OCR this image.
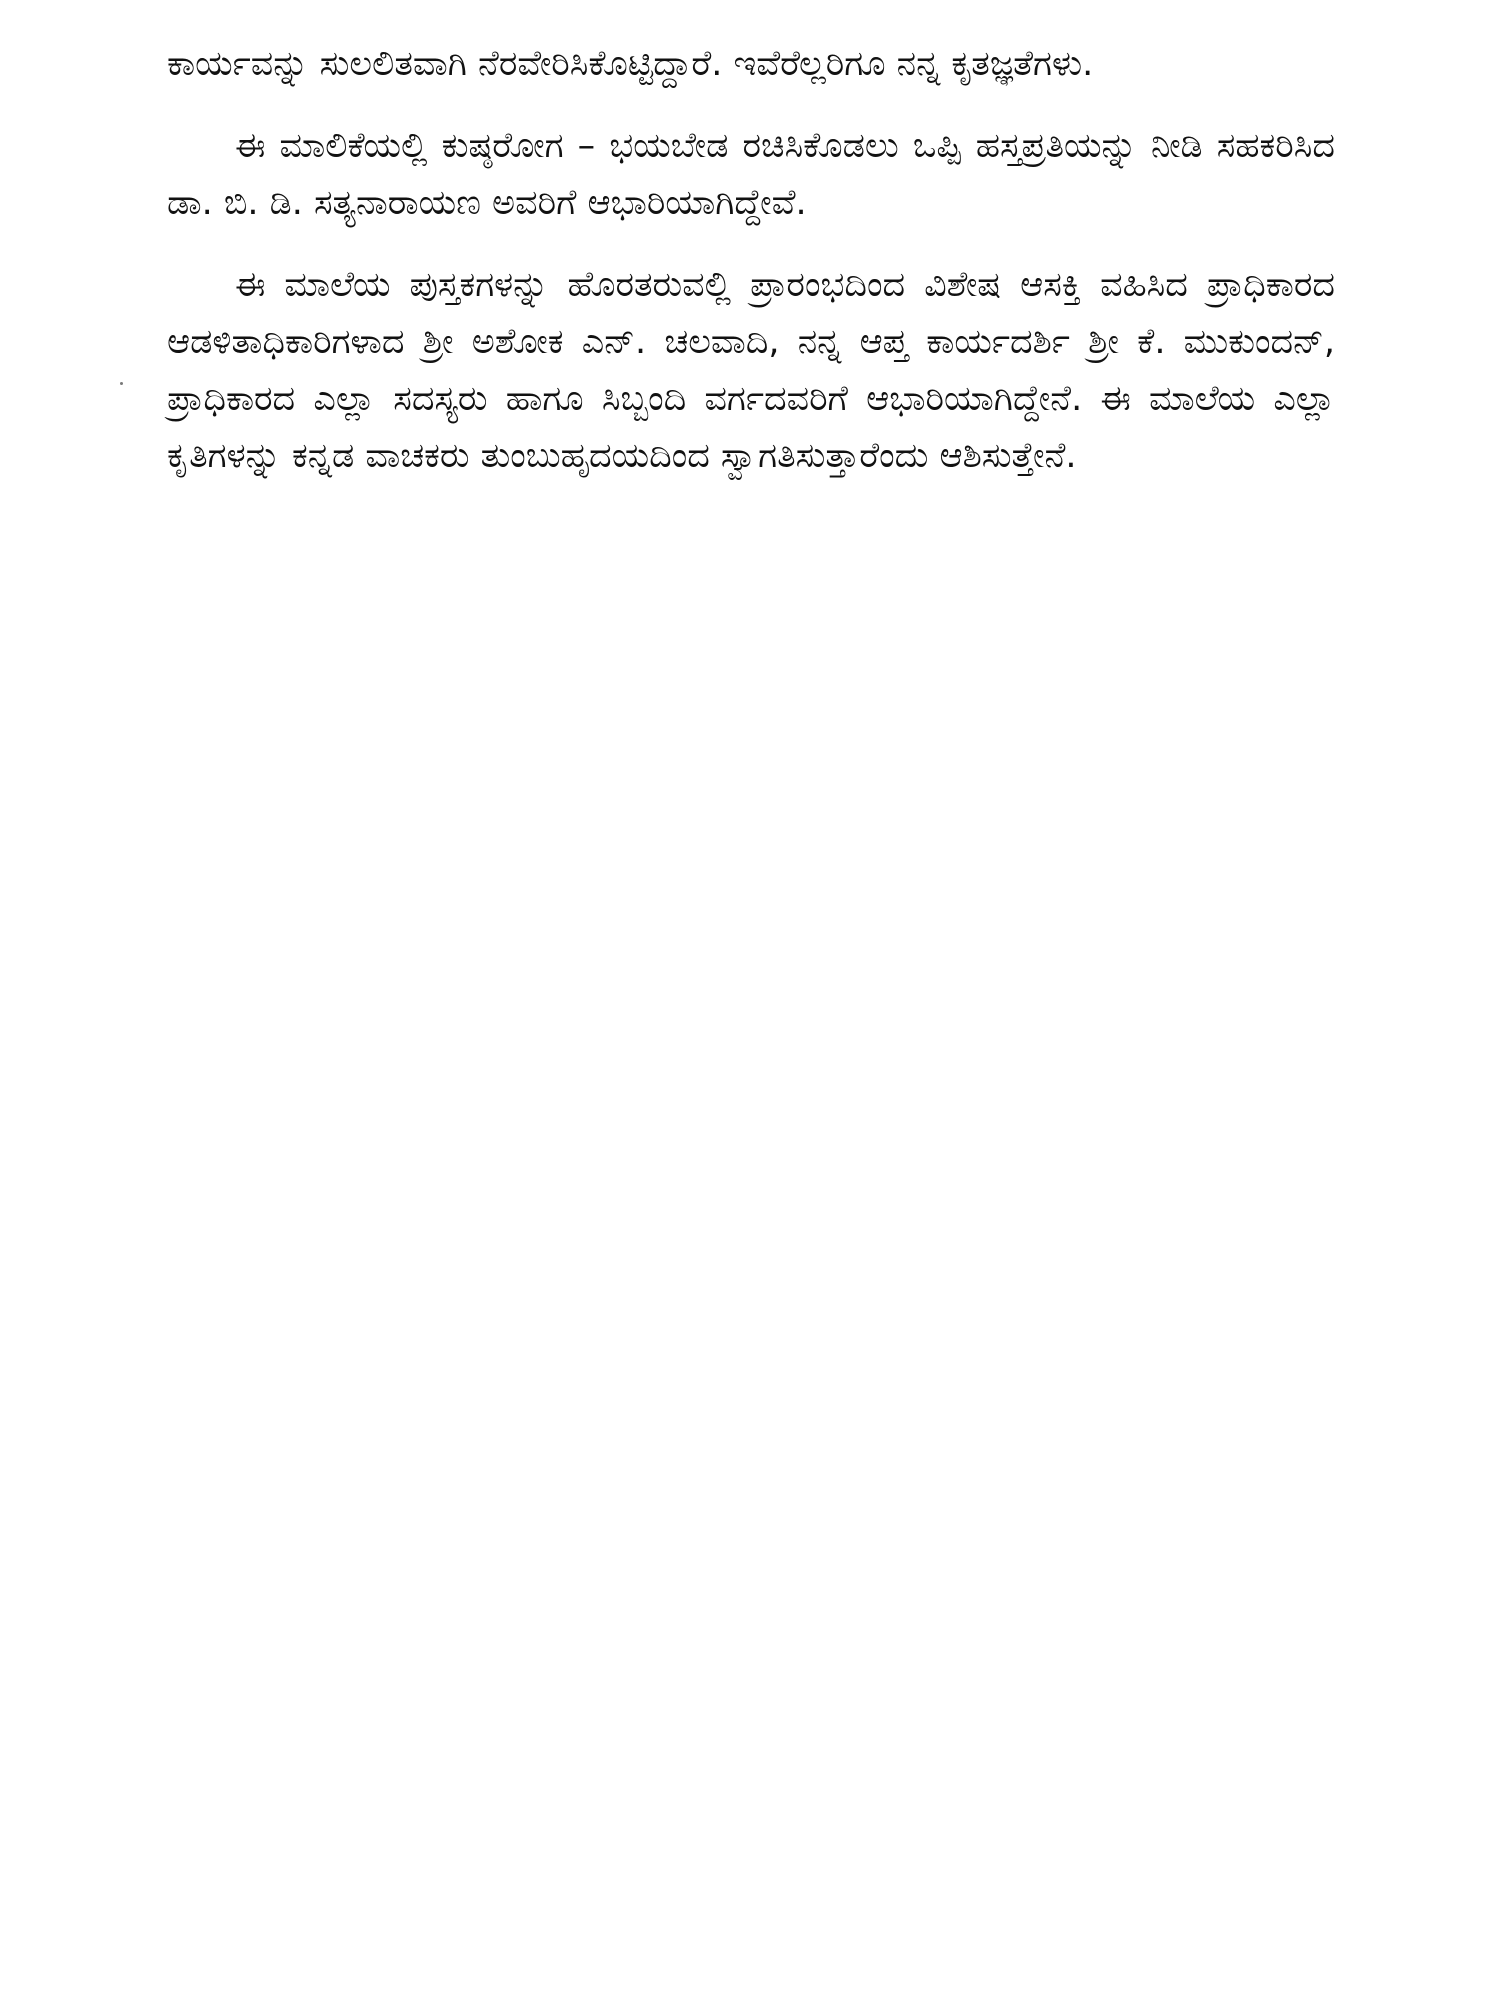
ಕಾರ್ಯವನ್ನು ಸುಲಲಿತವಾಗಿ ನೆರವೇರಿಸಿಕೊಟ್ಟಿದ್ದಾರೆ. ಇವೆರೆಲ್ಲರಿಗೂ ನನ್ನ ಕೃತಜ್ಞತೆಗಳು.

ಈ ಮಾಲಿಕೆಯಲ್ಲಿ ಕುಷ್ಠರೋಗ – ಭಯಬೇಡ ರಚಿಸಿಕೊಡಲು ಒಪ್ಪಿ ಹಸ್ತಪ್ರತಿಯನ್ನು ನೀಡಿ ಸಹಕರಿಸಿದ ಡಾ. ಬಿ. ಡಿ. ಸತ್ಯನಾರಾಯಣ ಅವರಿಗೆ ಆಭಾರಿಯಾಗಿದ್ದೇವೆ.

ಈ ಮಾಲೆಯ ಪುಸ್ತಕಗಳನ್ನು ಹೊರತರುವಲ್ಲಿ ಪ್ರಾರಂಭದಿಂದ ವಿಶೇಷ ಆಸಕ್ತಿ ವಹಿಸಿದ ಪ್ರಾಧಿಕಾರದ ಆಡಳಿತಾಧಿಕಾರಿಗಳಾದ ಶ್ರೀ ಅಶೋಕ ಎನ್. ಚಲವಾದಿ, ನನ್ನ ಆಪ್ತ ಕಾರ್ಯದರ್ಶಿ ಶ್ರೀ ಕೆ. ಮುಕುಂದನ್, ಪ್ರಾಧಿಕಾರದ ಎಲ್ಲಾ ಸದಸ್ಯರು ಹಾಗೂ ಸಿಬ್ಬಂದಿ ವರ್ಗದವರಿಗೆ ಆಭಾರಿಯಾಗಿದ್ದೇನೆ. ಈ ಮಾಲೆಯ ಎಲ್ಲಾ ಕೃತಿಗಳನ್ನು ಕನ್ನಡ ವಾಚಕರು ತುಂಬುಹೃದಯದಿಂದ ಸ್ವಾಗತಿಸುತ್ತಾರೆಂದು ಆಶಿಸುತ್ತೇನೆ.
